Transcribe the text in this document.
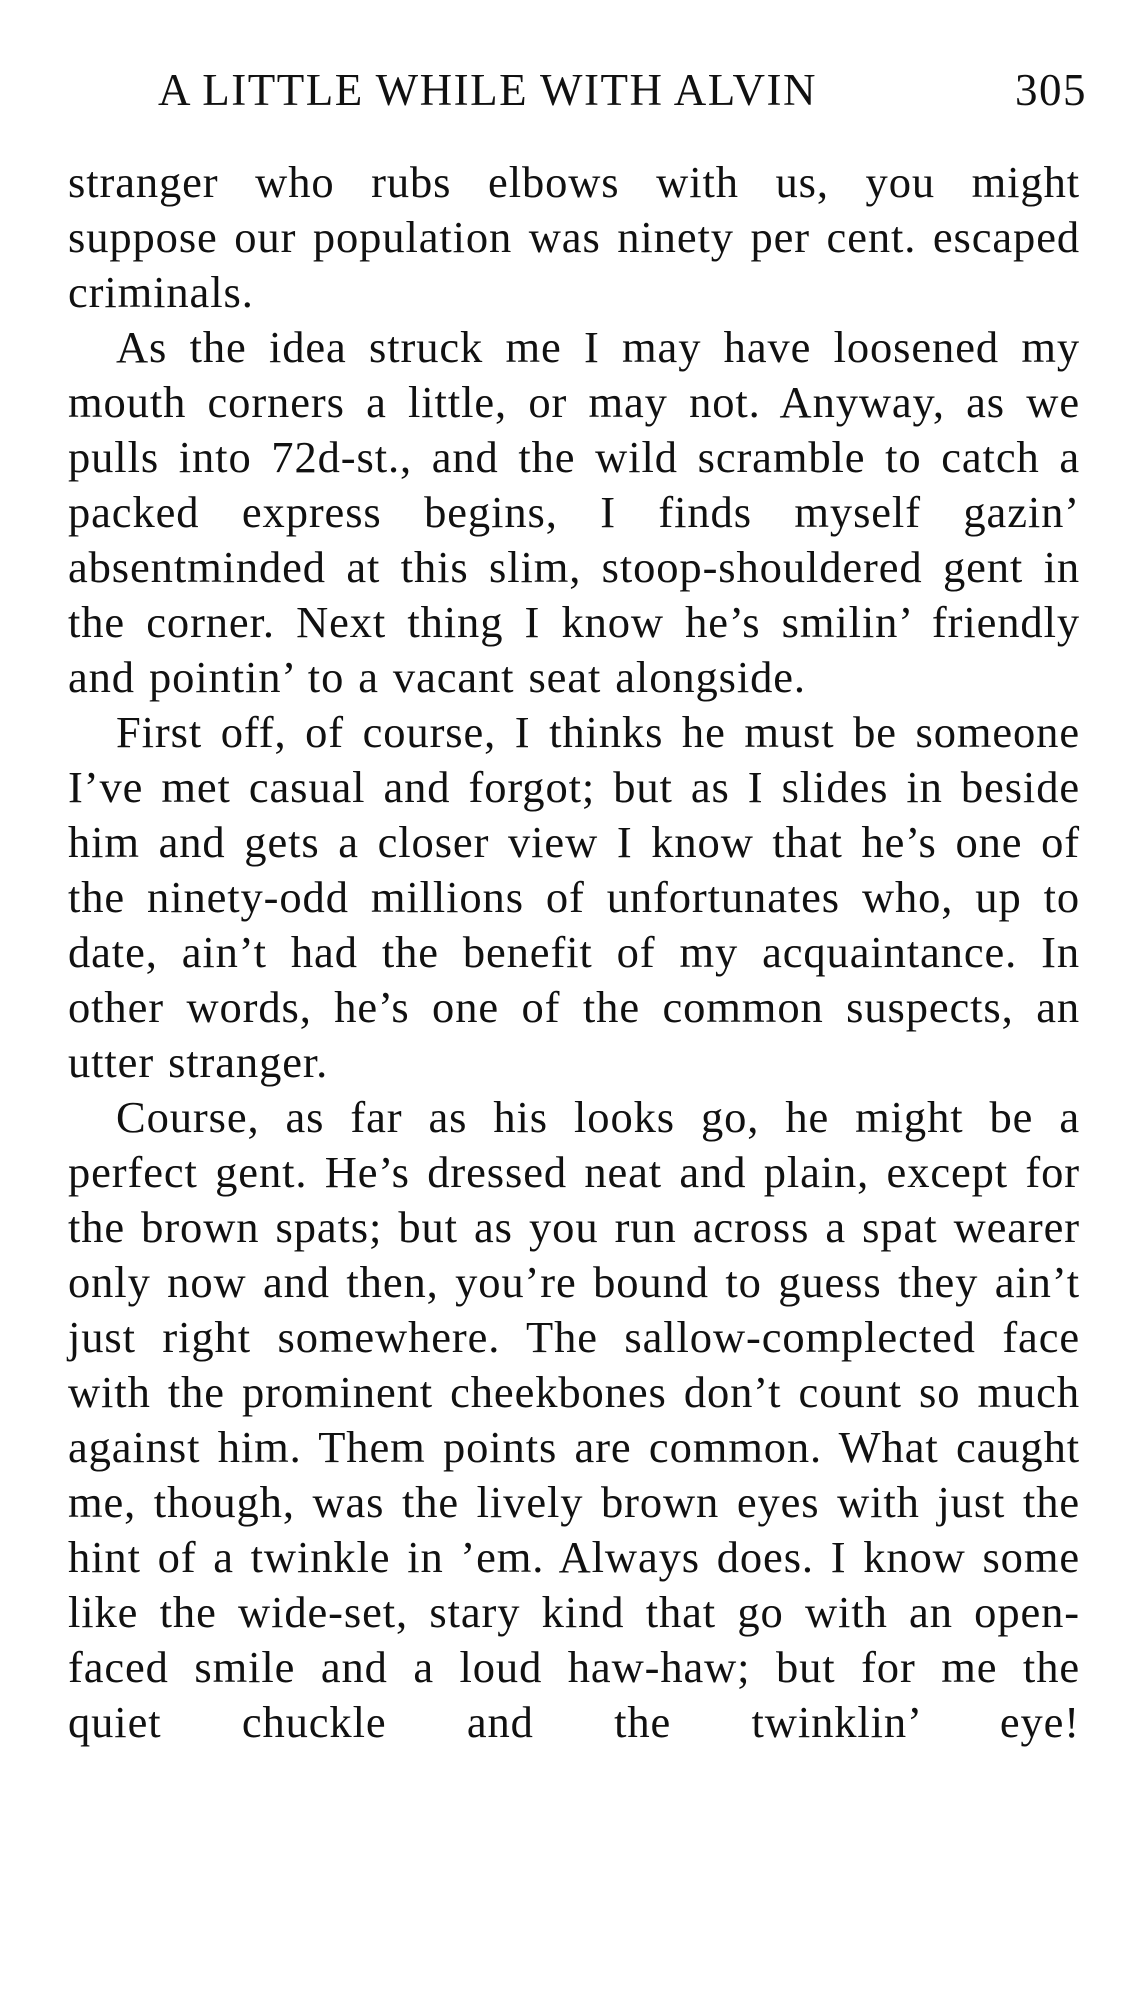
A LITTLE WHILE WITH ALVIN	305

stranger who rubs elbows with us, you might suppose our population was ninety per cent. escaped criminals.

As the idea struck me I may have loosened my mouth corners a little, or may not. Anyway, as we pulls into 72d-st., and the wild scramble to catch a packed express begins, I finds myself gazin’ absentminded at this slim, stoop-shouldered gent in the corner. Next thing I know he’s smilin’ friendly and pointin’ to a vacant seat alongside.

First off, of course, I thinks he must be someone I’ve met casual and forgot; but as I slides in beside him and gets a closer view I know that he’s one of the ninety-odd millions of unfortunates who, up to date, ain’t had the benefit of my acquaintance. In other words, he’s one of the common suspects, an utter stranger.

Course, as far as his looks go, he might be a perfect gent. He’s dressed neat and plain, except for the brown spats; but as you run across a spat wearer only now and then, you’re bound to guess they ain’t just right somewhere. The sallow-complected face with the prominent cheekbones don’t count so much against him. Them points are common. What caught me, though, was the lively brown eyes with just the hint of a twinkle in ’em. Always does. I know some like the wide-set, stary kind that go with an open-faced smile and a loud haw-haw; but for me the quiet chuckle and the twinklin’ eye!
